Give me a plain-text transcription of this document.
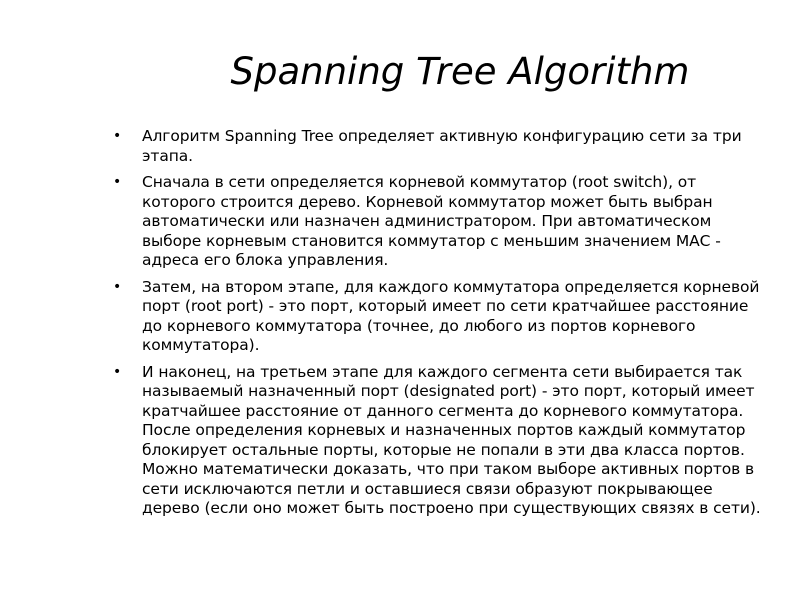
Spanning Tree Algorithm
• Алгоритм Spanning Tree определяет активную конфигурацию сети за три этапа.
• Сначала в сети определяется корневой коммутатор (root switch), от которого строится дерево. Корневой коммутатор может быть выбран автоматически или назначен администратором. При автоматическом выборе корневым становится коммутатор с меньшим значением МАС - адреса его блока управления.
• Затем, на втором этапе, для каждого коммутатора определяется корневой порт (root port) - это порт, который имеет по сети кратчайшее расстояние до корневого коммутатора (точнее, до любого из портов корневого коммутатора).
• И наконец, на третьем этапе для каждого сегмента сети выбирается так называемый назначенный порт (designated port) - это порт, который имеет кратчайшее расстояние от данного сегмента до корневого коммутатора. После определения корневых и назначенных портов каждый коммутатор блокирует остальные порты, которые не попали в эти два класса портов. Можно математически доказать, что при таком выборе активных портов в сети исключаются петли и оставшиеся связи образуют покрывающее дерево (если оно может быть построено при существующих связях в сети).
